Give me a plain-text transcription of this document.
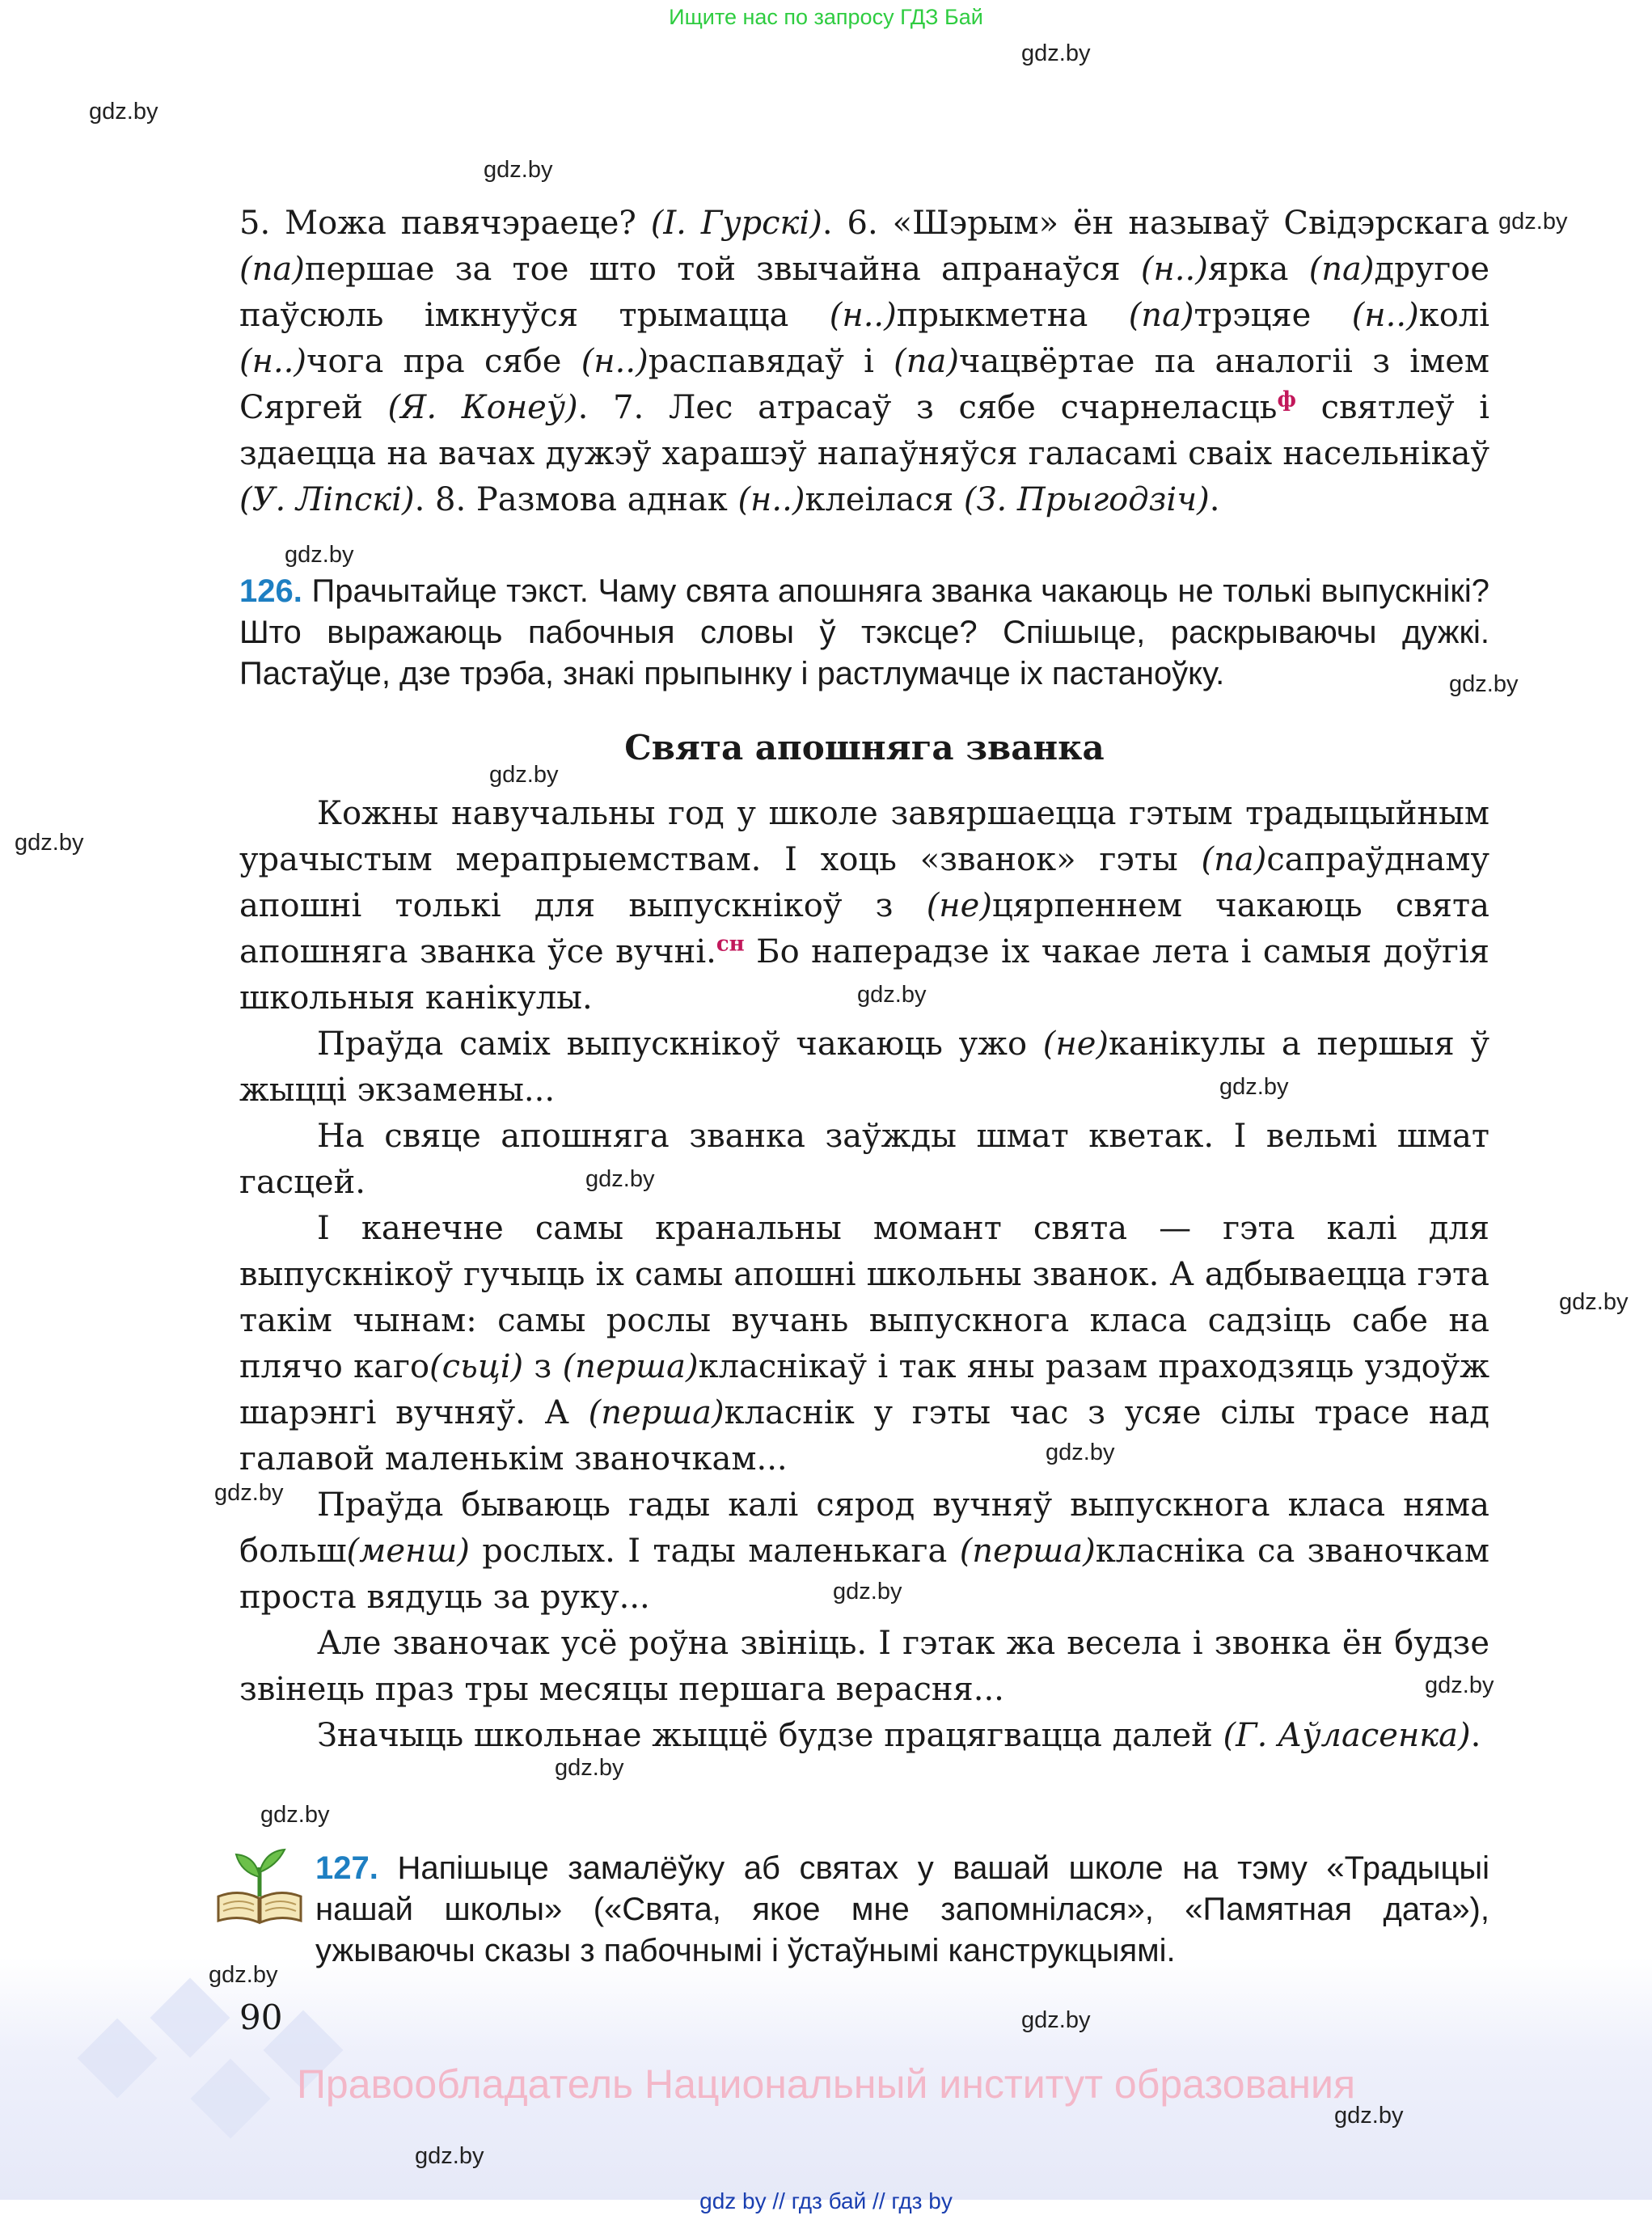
Ищите нас по запросу ГДЗ Бай
gdz.by
gdz.by
gdz.by
gdz.by
gdz.by
gdz.by
gdz.by
gdz.by
gdz.by
gdz.by
gdz.by
gdz.by
gdz.by
gdz.by
gdz.by
gdz.by
gdz.by
gdz.by
gdz.by
gdz.by
gdz.by
gdz.by

5. Можа павячэраецe? (І. Гурскі). 6. «Шэрым» ён называў Свідэрскага (па)першае за тое што той звычайна апранаўся (н..)ярка (па)другое паўсюль імкнуўся трымацца (н..)прыкметна (па)трэцяе (н..)колі (н..)чога пра сябе (н..)распавядаў і (па)чацвёртае па аналогіі з імем Сяргей (Я. Конеў). 7. Лес атрасаў з сябе счарнеласць$^ф$ святлеў і здаецца на вачах дужэў харашэў напаўняўся галасамі сваіх насельнікаў (У. Ліпскі). 8. Размова аднак (н..)клеілася (З. Прыгодзіч).

126. Прачытайце тэкст. Чаму свята апошняга званка чакаюць не толькі выпускнікі? Што выражаюць пабочныя словы ў тэксце? Спішыце, раскрываючы дужкі. Пастаўце, дзе трэба, знакі прыпынку і растлумачце іх пастаноўку.
Свята апошняга званка

Кожны навучальны год у школе завяршаецца гэтым традыцыйным урачыстым мерапрыемствам. І хоць «званок» гэты (па)сапраўднаму апошні толькі для выпускнікоў з (не)цярпеннем чакаюць свята апошняга званка ўсе вучні.$^{сн}$ Бо наперадзе іх чакае лета і самыя доўгія школьныя канікулы.

Праўда саміх выпускнікоў чакаюць ужо (не)канікулы а першыя ў жыцці экзамены...

На свяце апошняга званка заўжды шмат кветак. І вельмі шмат гасцей.

І канечне самы кранальны момант свята — гэта калі для выпускнікоў гучыць іх самы апошні школьны званок. А адбываецца гэта такім чынам: самы рослы вучань выпускнога класа садзіць сабе на плячо каго(сьці) з (перша)класнікаў і так яны разам праходзяць уздоўж шарэнгі вучняў. А (перша)класнік у гэты час з усяе сілы трасе над галавой маленькім званочкам...

Праўда бываюць гады калі сярод вучняў выпускнога класа няма больш(менш) рослых. І тады маленькага (перша)класніка са званочкам проста вядуць за руку...

Але званочак усё роўна звініць. І гэтак жа весела і звонка ён будзе звінець праз тры месяцы першага верасня...

Значыць школьнае жыццё будзе працягвацца далей (Г. Аўласенка).

127. Напішыце замалёўку аб святах у вашай школе на тэму «Традыцыі нашай школы» («Свята, якое мне запомнілася», «Памятная дата»), ужываючы сказы з пабочнымі і ўстаўнымі канструкцыямі.
90
Правообладатель Национальный институт образования
gdz by // гдз бай // гдз by
